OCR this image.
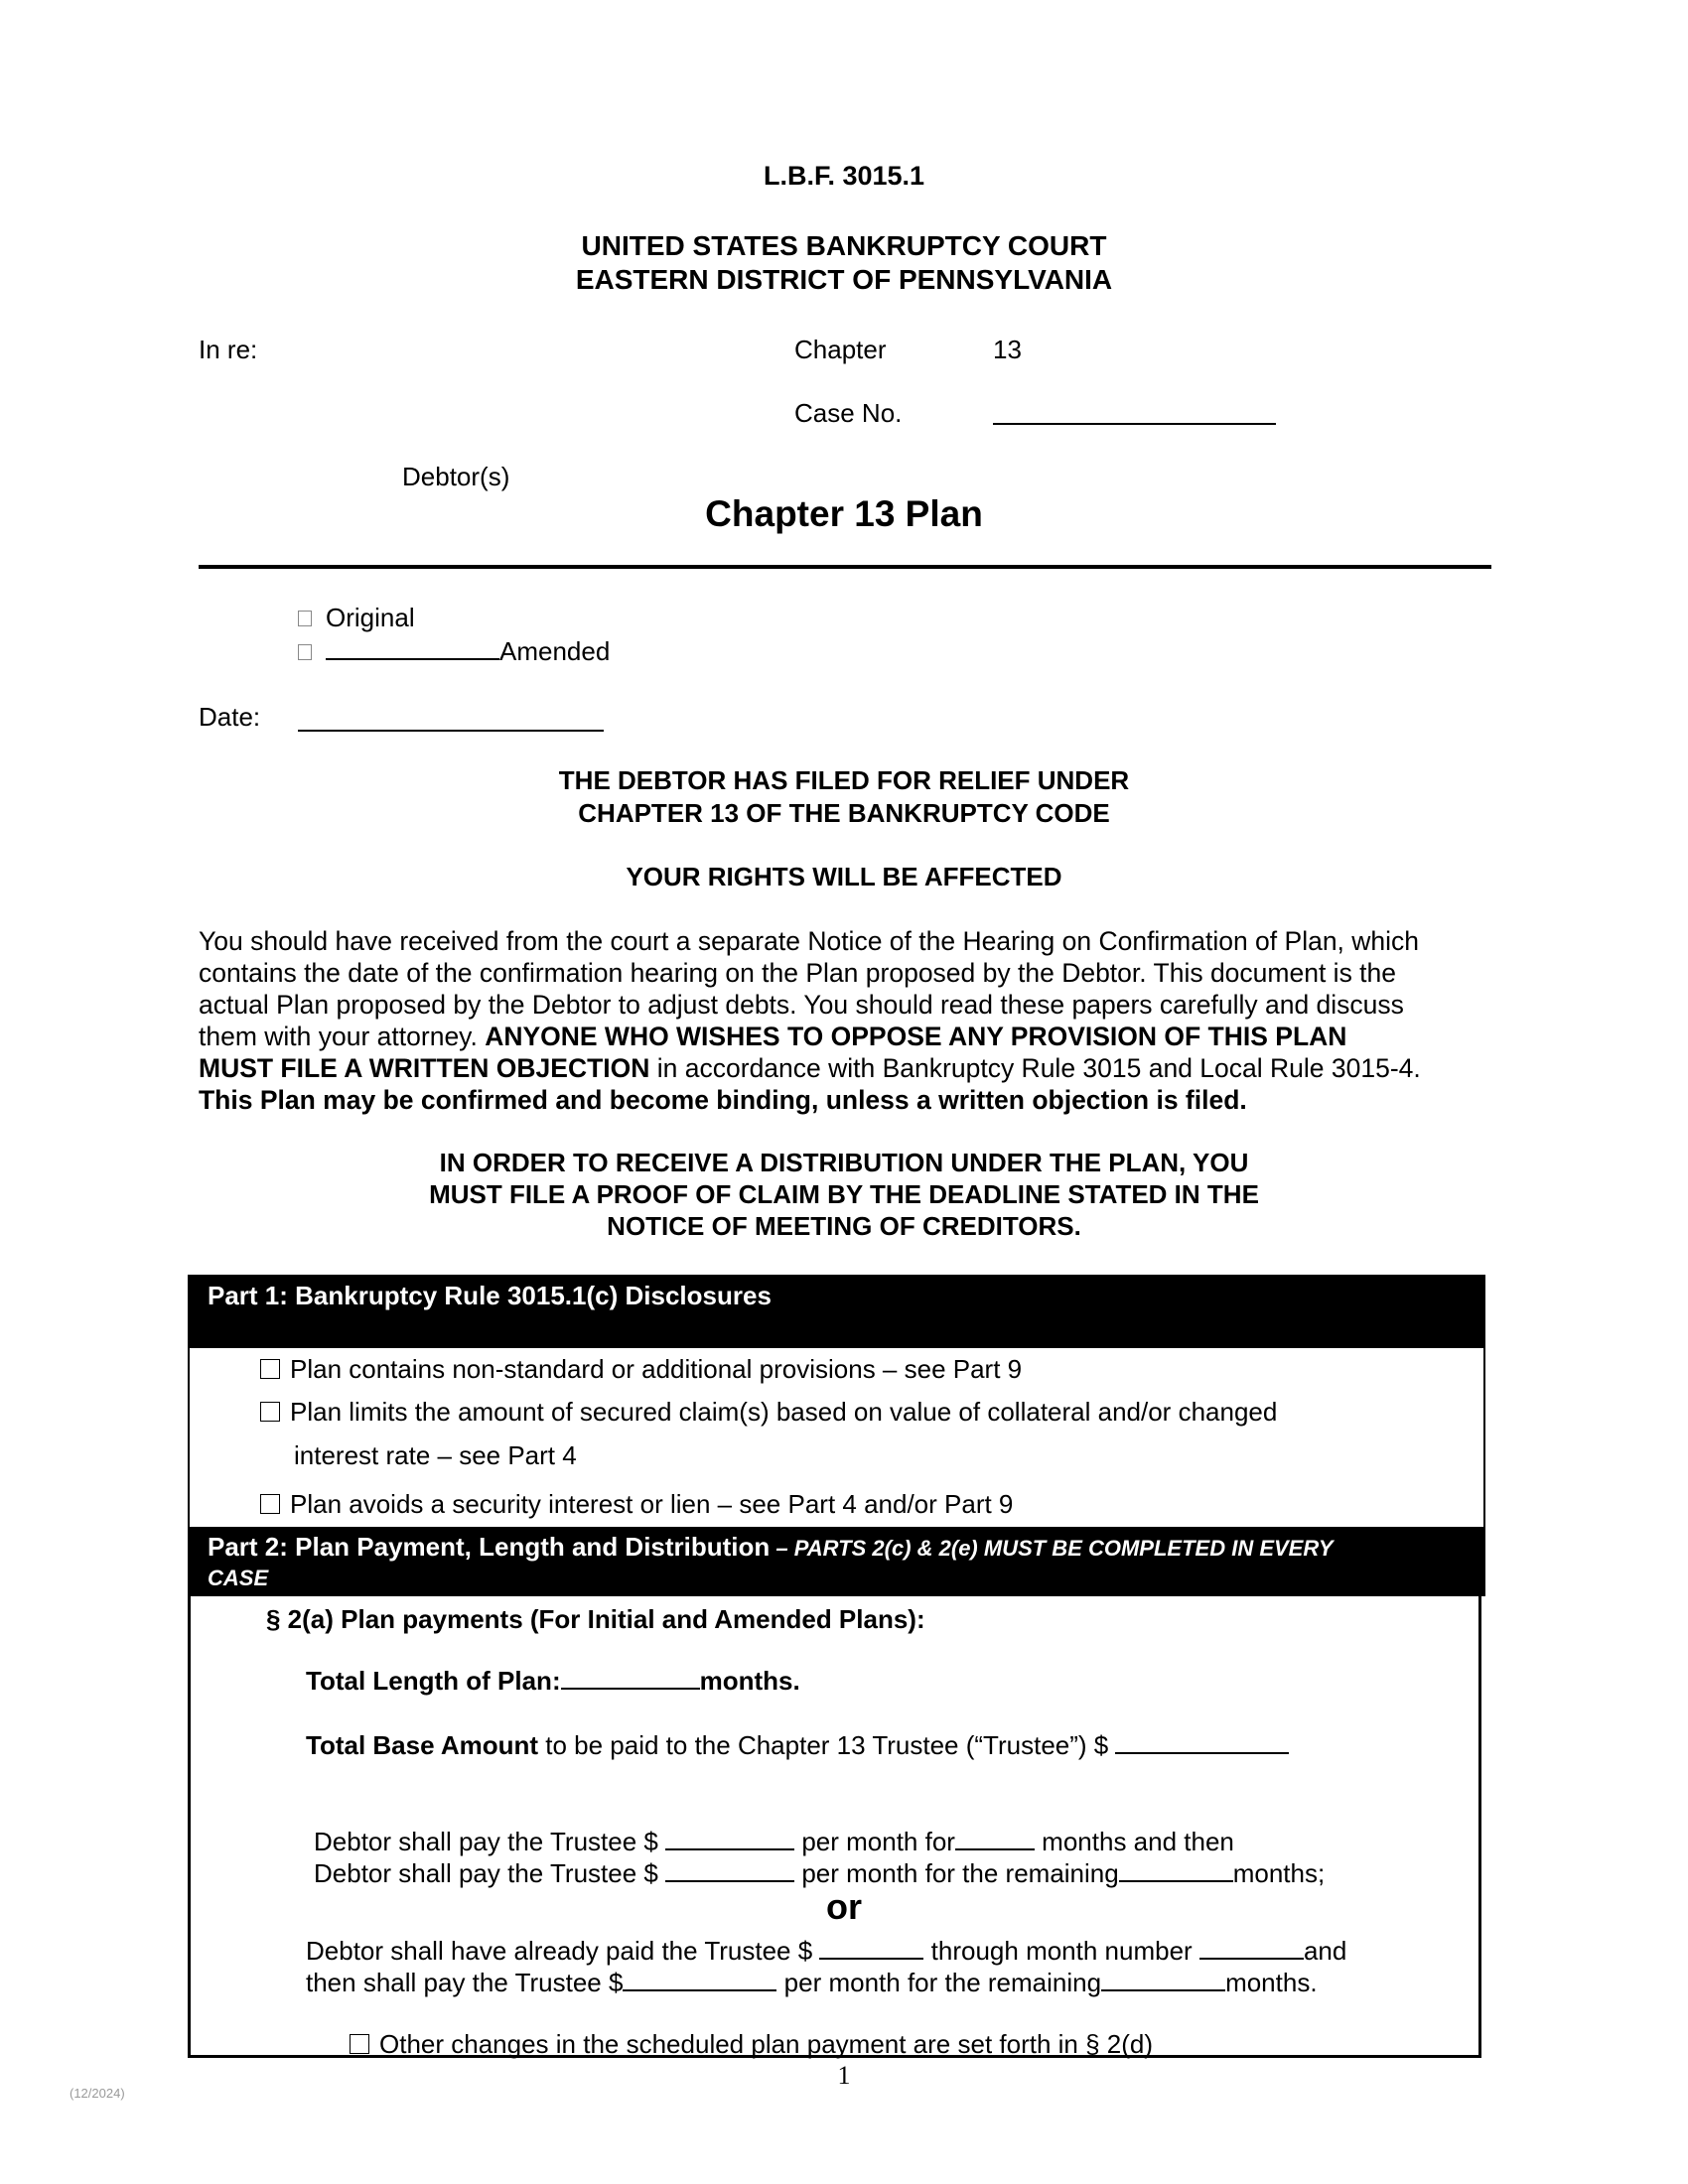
L.B.F. 3015.1
UNITED STATES BANKRUPTCY COURT
EASTERN DISTRICT OF PENNSYLVANIA
In re:	Chapter	13
Case No.
Debtor(s)
Chapter 13 Plan
Original
Amended
Date:
THE DEBTOR HAS FILED FOR RELIEF UNDER
CHAPTER 13 OF THE BANKRUPTCY CODE
YOUR RIGHTS WILL BE AFFECTED
You should have received from the court a separate Notice of the Hearing on Confirmation of Plan, which
contains the date of the confirmation hearing on the Plan proposed by the Debtor. This document is the
actual Plan proposed by the Debtor to adjust debts. You should read these papers carefully and discuss
them with your attorney. ANYONE WHO WISHES TO OPPOSE ANY PROVISION OF THIS PLAN
MUST FILE A WRITTEN OBJECTION in accordance with Bankruptcy Rule 3015 and Local Rule 3015-4.
This Plan may be confirmed and become binding, unless a written objection is filed.
IN ORDER TO RECEIVE A DISTRIBUTION UNDER THE PLAN, YOU
MUST FILE A PROOF OF CLAIM BY THE DEADLINE STATED IN THE
NOTICE OF MEETING OF CREDITORS.
Part 1: Bankruptcy Rule 3015.1(c) Disclosures
Plan contains non-standard or additional provisions – see Part 9
Plan limits the amount of secured claim(s) based on value of collateral and/or changed
interest rate – see Part 4
Plan avoids a security interest or lien – see Part 4 and/or Part 9
Part 2: Plan Payment, Length and Distribution – PARTS 2(c) & 2(e) MUST BE COMPLETED IN EVERY
CASE
§ 2(a) Plan payments (For Initial and Amended Plans):
Total Length of Plan:	months.
Total Base Amount to be paid to the Chapter 13 Trustee (“Trustee”) $
Debtor shall pay the Trustee $	per month for	months and then
Debtor shall pay the Trustee $	per month for the remaining	months;
or
Debtor shall have already paid the Trustee $	through month number	and
then shall pay the Trustee $	per month for the remaining	months.
Other changes in the scheduled plan payment are set forth in § 2(d)
(12/2024)
1
